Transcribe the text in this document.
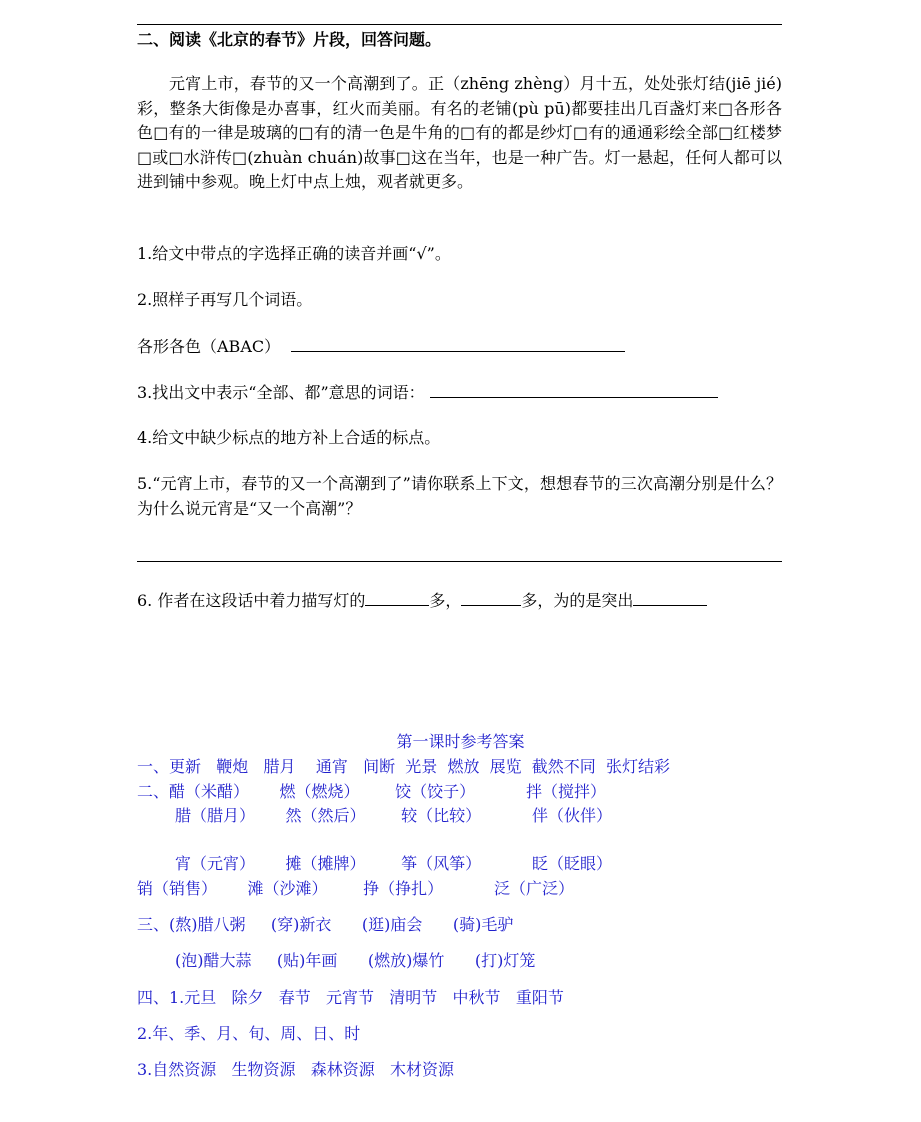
二、阅读《北京的春节》片段，回答问题。
元宵上市，春节的又一个高潮到了。正（zhēng zhèng）月十五，处处张灯结(jiē jié)彩，整条大街像是办喜事，红火而美丽。有名的老铺(pù pū)都要挂出几百盏灯来□各形各色□有的一律是玻璃的□有的清一色是牛角的□有的都是纱灯□有的通通彩绘全部□红楼梦□或□水浒传□(zhuàn chuán)故事□这在当年，也是一种广告。灯一悬起，任何人都可以进到铺中参观。晚上灯中点上烛，观者就更多。
1.给文中带点的字选择正确的读音并画“√”。
2.照样子再写几个词语。
各形各色（ABAC）
3.找出文中表示“全部、都”意思的词语：
4.给文中缺少标点的地方补上合适的标点。
5.“元宵上市，春节的又一个高潮到了”请你联系上下文，想想春节的三次高潮分别是什么？为什么说元宵是“又一个高潮”？
6. 作者在这段话中着力描写灯的	多，	多，为的是突出
第一课时参考答案
一、更新   鞭炮   腊月    通宵   间断  光景  燃放  展览  截然不同  张灯结彩
二、醋（米醋）      燃（燃烧）       饺（饺子）          拌（搅拌）
腊（腊月）      然（然后）       较（比较）          伴（伙伴）
宵（元宵）      摊（摊牌）       筝（风筝）          眨（眨眼）
销（销售）      滩（沙滩）       挣（挣扎）          泛（广泛）
三、(熬)腊八粥     (穿)新衣      (逛)庙会      (骑)毛驴
(泡)醋大蒜     (贴)年画      (燃放)爆竹      (打)灯笼
四、1.元旦   除夕   春节   元宵节   清明节   中秋节   重阳节
2.年、季、月、旬、周、日、时
3.自然资源   生物资源   森林资源   木材资源
